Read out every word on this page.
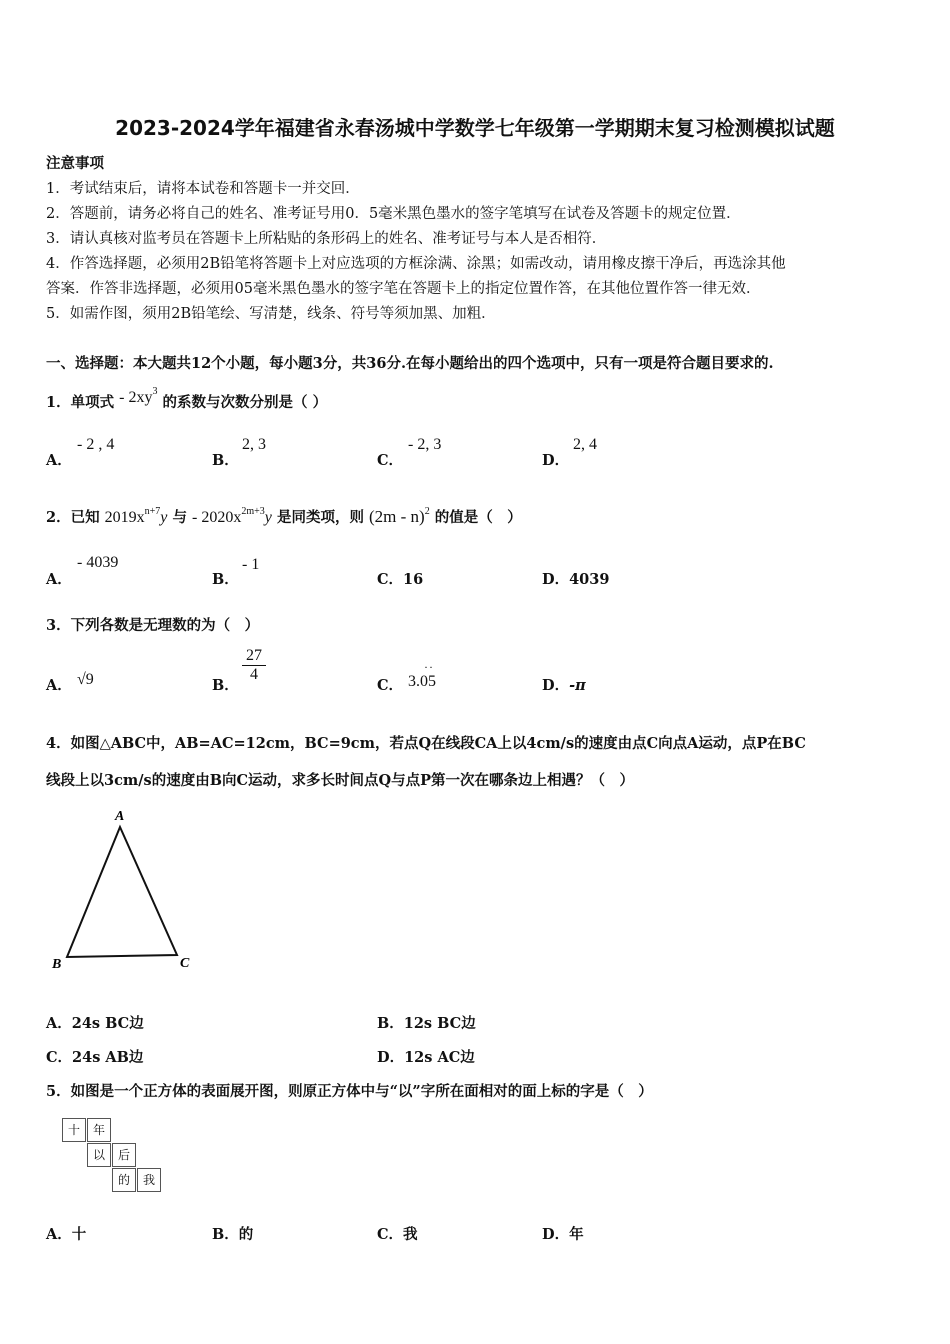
2023-2024学年福建省永春汤城中学数学七年级第一学期期末复习检测模拟试题
注意事项
1．考试结束后，请将本试卷和答题卡一并交回．
2．答题前，请务必将自己的姓名、准考证号用0．5毫米黑色墨水的签字笔填写在试卷及答题卡的规定位置．
3．请认真核对监考员在答题卡上所粘贴的条形码上的姓名、准考证号与本人是否相符．
4．作答选择题，必须用2B铅笔将答题卡上对应选项的方框涂满、涂黑；如需改动，请用橡皮擦干净后，再选涂其他
答案．作答非选择题，必须用05毫米黑色墨水的签字笔在答题卡上的指定位置作答，在其他位置作答一律无效．
5．如需作图，须用2B铅笔绘、写清楚，线条、符号等须加黑、加粗．
一、选择题：本大题共12个小题，每小题3分，共36分.在每小题给出的四个选项中，只有一项是符合题目要求的.
1．单项式 - $2xy^3$ 的系数与次数分别是（ ）
A．
- 2 , 4
B．
2, 3
C．
- 2, 3
D．
2, 4
2．已知 $2019x^{n+7}y$ 与 - $2020x^{2m+3}y$ 是同类项，则 (2m - n)$^2$ 的值是（　）
A．
- 4039
B．
- 1
C．16	D．4039
3．下列各数是无理数的为（　）
A． √9	B．
$\frac{27}{4}$
C． 3.05
· ·
D．-π
4．如图△ABC中，AB=AC=12cm，BC=9cm，若点Q在线段CA上以4cm/s的速度由点C向点A运动，点P在BC
线段上以3cm/s的速度由B向C运动，求多长时间点Q与点P第一次在哪条边上相遇？（　）
A
B	C
A．24s BC边	B．12s BC边
C．24s AB边	D．12s AC边
5．如图是一个正方体的表面展开图，则原正方体中与“以”字所在面相对的面上标的字是（　）
十	年
以	后
的	我
A．十	B．的	C．我	D．年
